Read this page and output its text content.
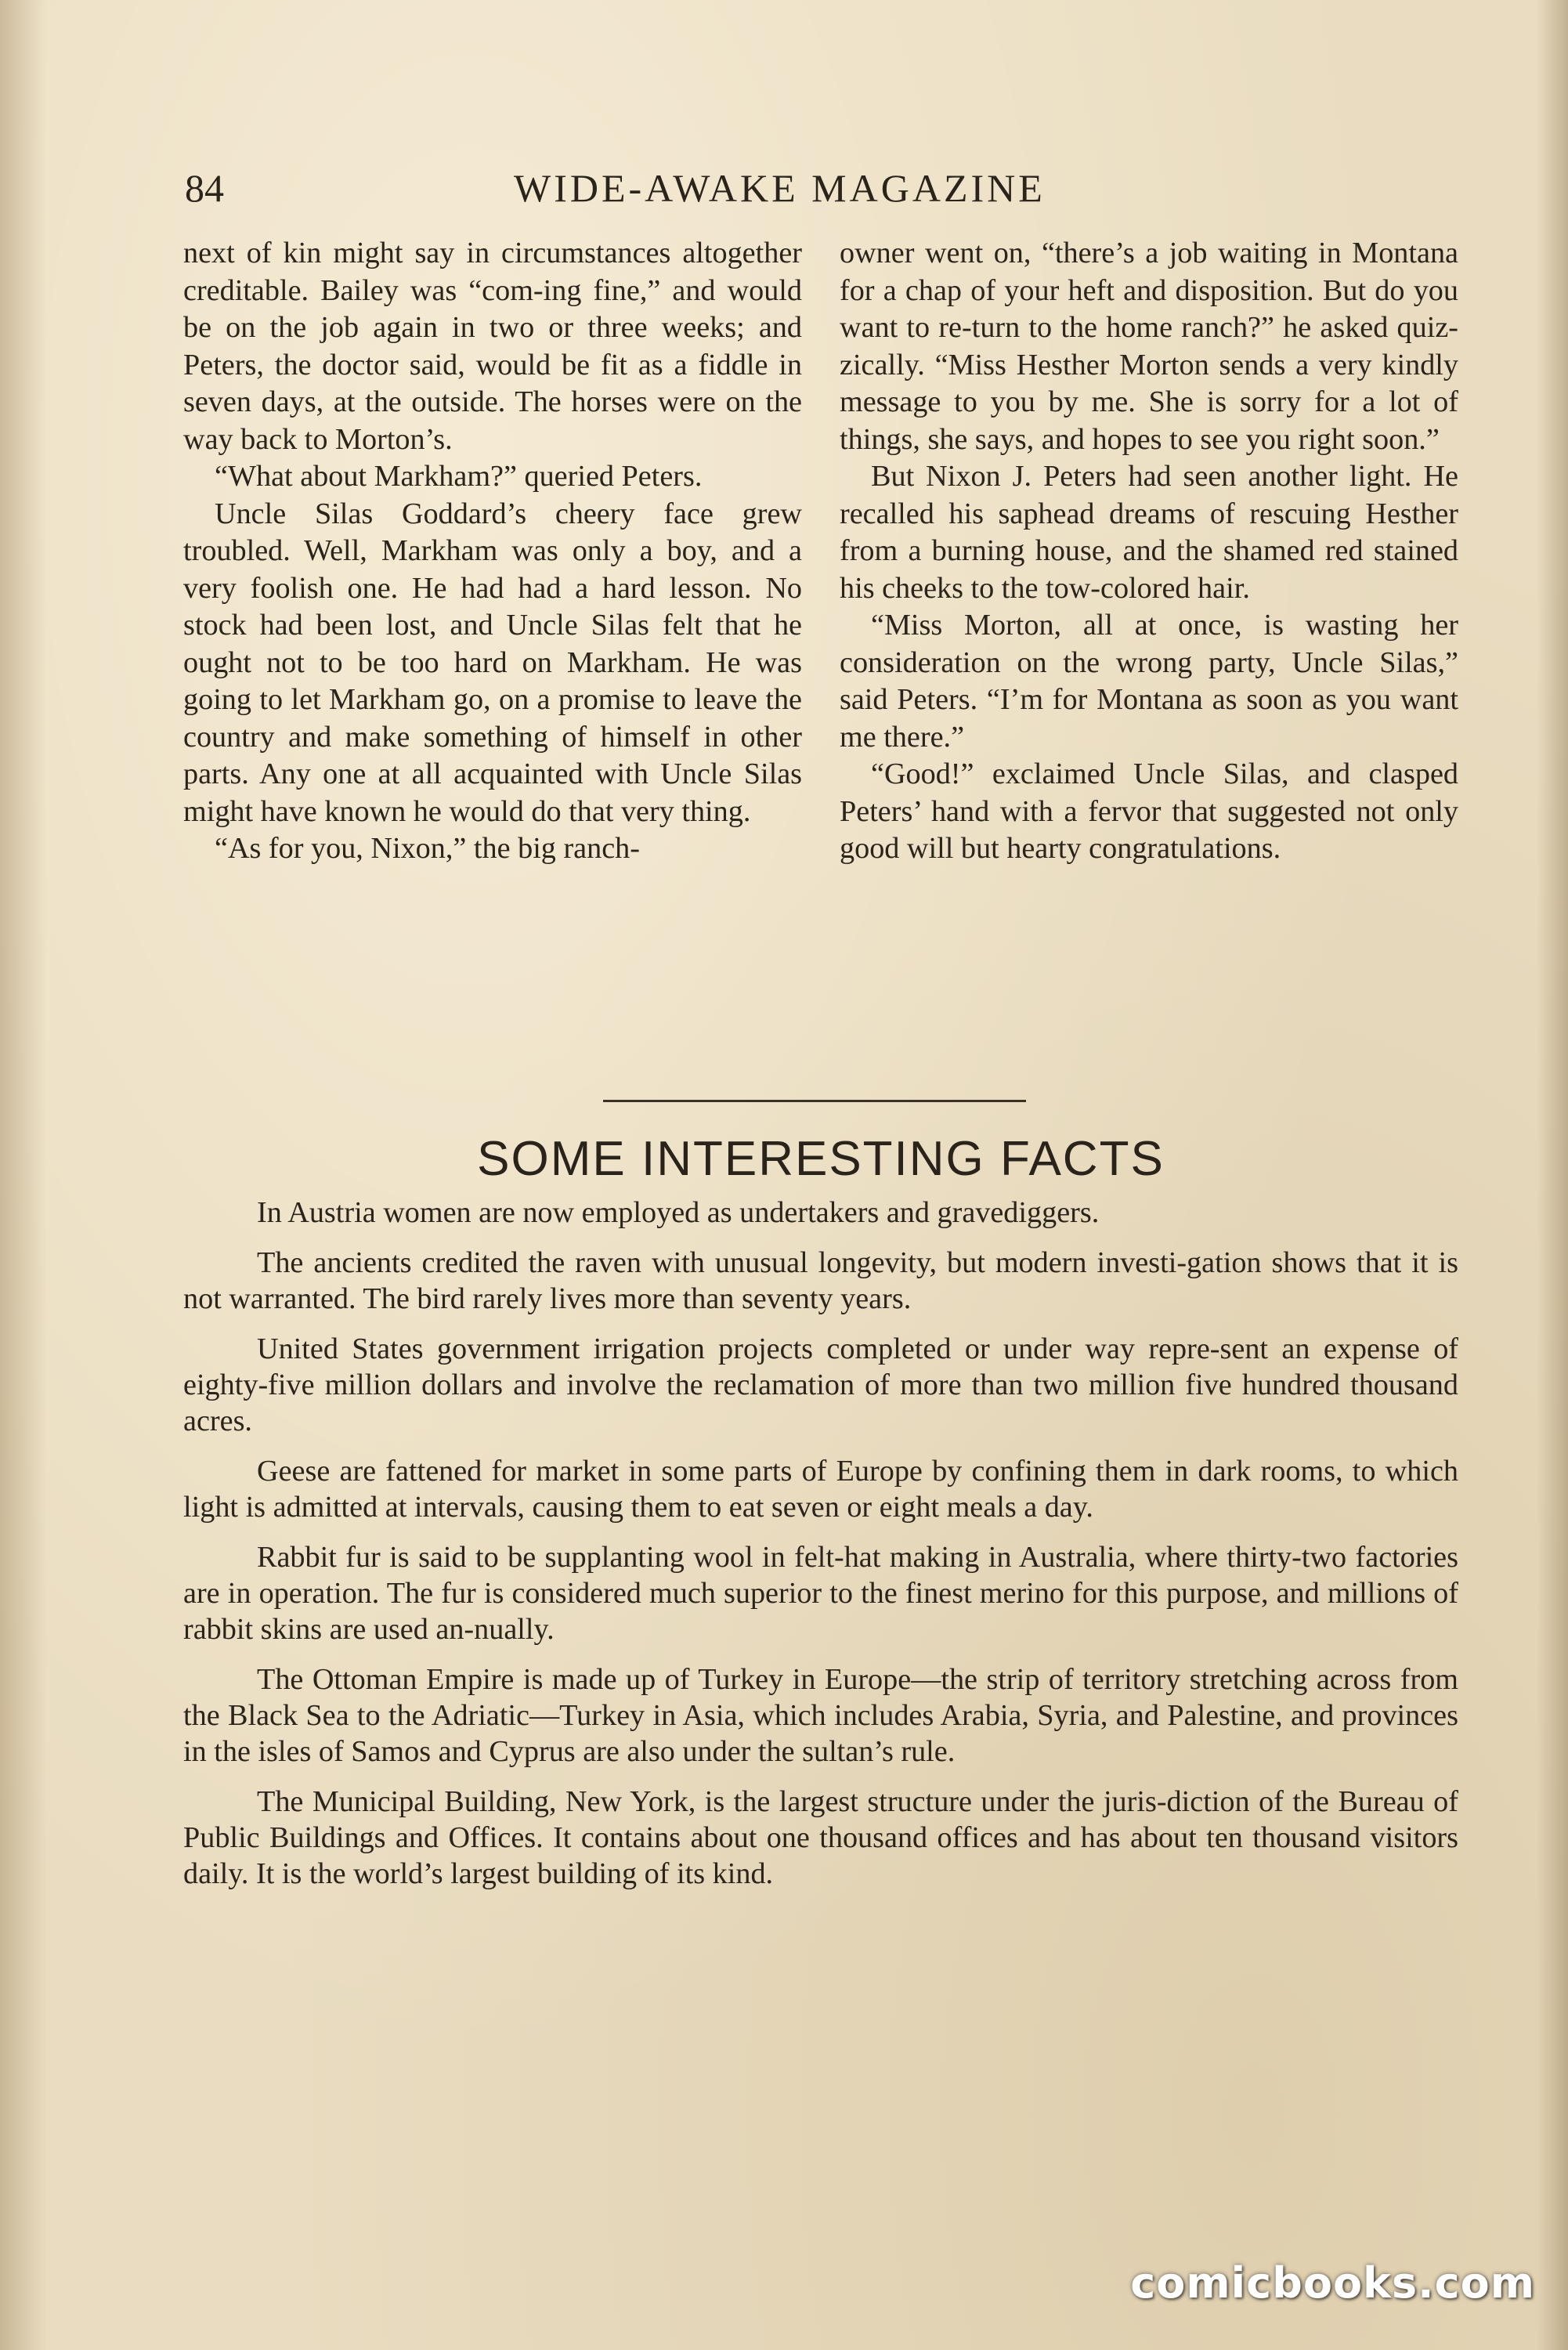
84	WIDE-AWAKE MAGAZINE

next of kin might say in circumstances altogether creditable. Bailey was “com-ing fine,” and would be on the job again in two or three weeks; and Peters, the doctor said, would be fit as a fiddle in seven days, at the outside. The horses were on the way back to Morton’s.

“What about Markham?” queried Peters.

Uncle Silas Goddard’s cheery face grew troubled. Well, Markham was only a boy, and a very foolish one. He had had a hard lesson. No stock had been lost, and Uncle Silas felt that he ought not to be too hard on Markham. He was going to let Markham go, on a promise to leave the country and make something of himself in other parts. Any one at all acquainted with Uncle Silas might have known he would do that very thing.

“As for you, Nixon,” the big ranch-

owner went on, “there’s a job waiting in Montana for a chap of your heft and disposition. But do you want to re-turn to the home ranch?” he asked quiz-zically. “Miss Hesther Morton sends a very kindly message to you by me. She is sorry for a lot of things, she says, and hopes to see you right soon.”

But Nixon J. Peters had seen another light. He recalled his saphead dreams of rescuing Hesther from a burning house, and the shamed red stained his cheeks to the tow-colored hair.

“Miss Morton, all at once, is wasting her consideration on the wrong party, Uncle Silas,” said Peters. “I’m for Montana as soon as you want me there.”

“Good!” exclaimed Uncle Silas, and clasped Peters’ hand with a fervor that suggested not only good will but hearty congratulations.

SOME INTERESTING FACTS

In Austria women are now employed as undertakers and gravediggers.

The ancients credited the raven with unusual longevity, but modern investi-gation shows that it is not warranted. The bird rarely lives more than seventy years.

United States government irrigation projects completed or under way repre-sent an expense of eighty-five million dollars and involve the reclamation of more than two million five hundred thousand acres.

Geese are fattened for market in some parts of Europe by confining them in dark rooms, to which light is admitted at intervals, causing them to eat seven or eight meals a day.

Rabbit fur is said to be supplanting wool in felt-hat making in Australia, where thirty-two factories are in operation. The fur is considered much superior to the finest merino for this purpose, and millions of rabbit skins are used an-nually.

The Ottoman Empire is made up of Turkey in Europe—the strip of territory stretching across from the Black Sea to the Adriatic—Turkey in Asia, which includes Arabia, Syria, and Palestine, and provinces in the isles of Samos and Cyprus are also under the sultan’s rule.

The Municipal Building, New York, is the largest structure under the juris-diction of the Bureau of Public Buildings and Offices. It contains about one thousand offices and has about ten thousand visitors daily. It is the world’s largest building of its kind.

comicbooks.com
